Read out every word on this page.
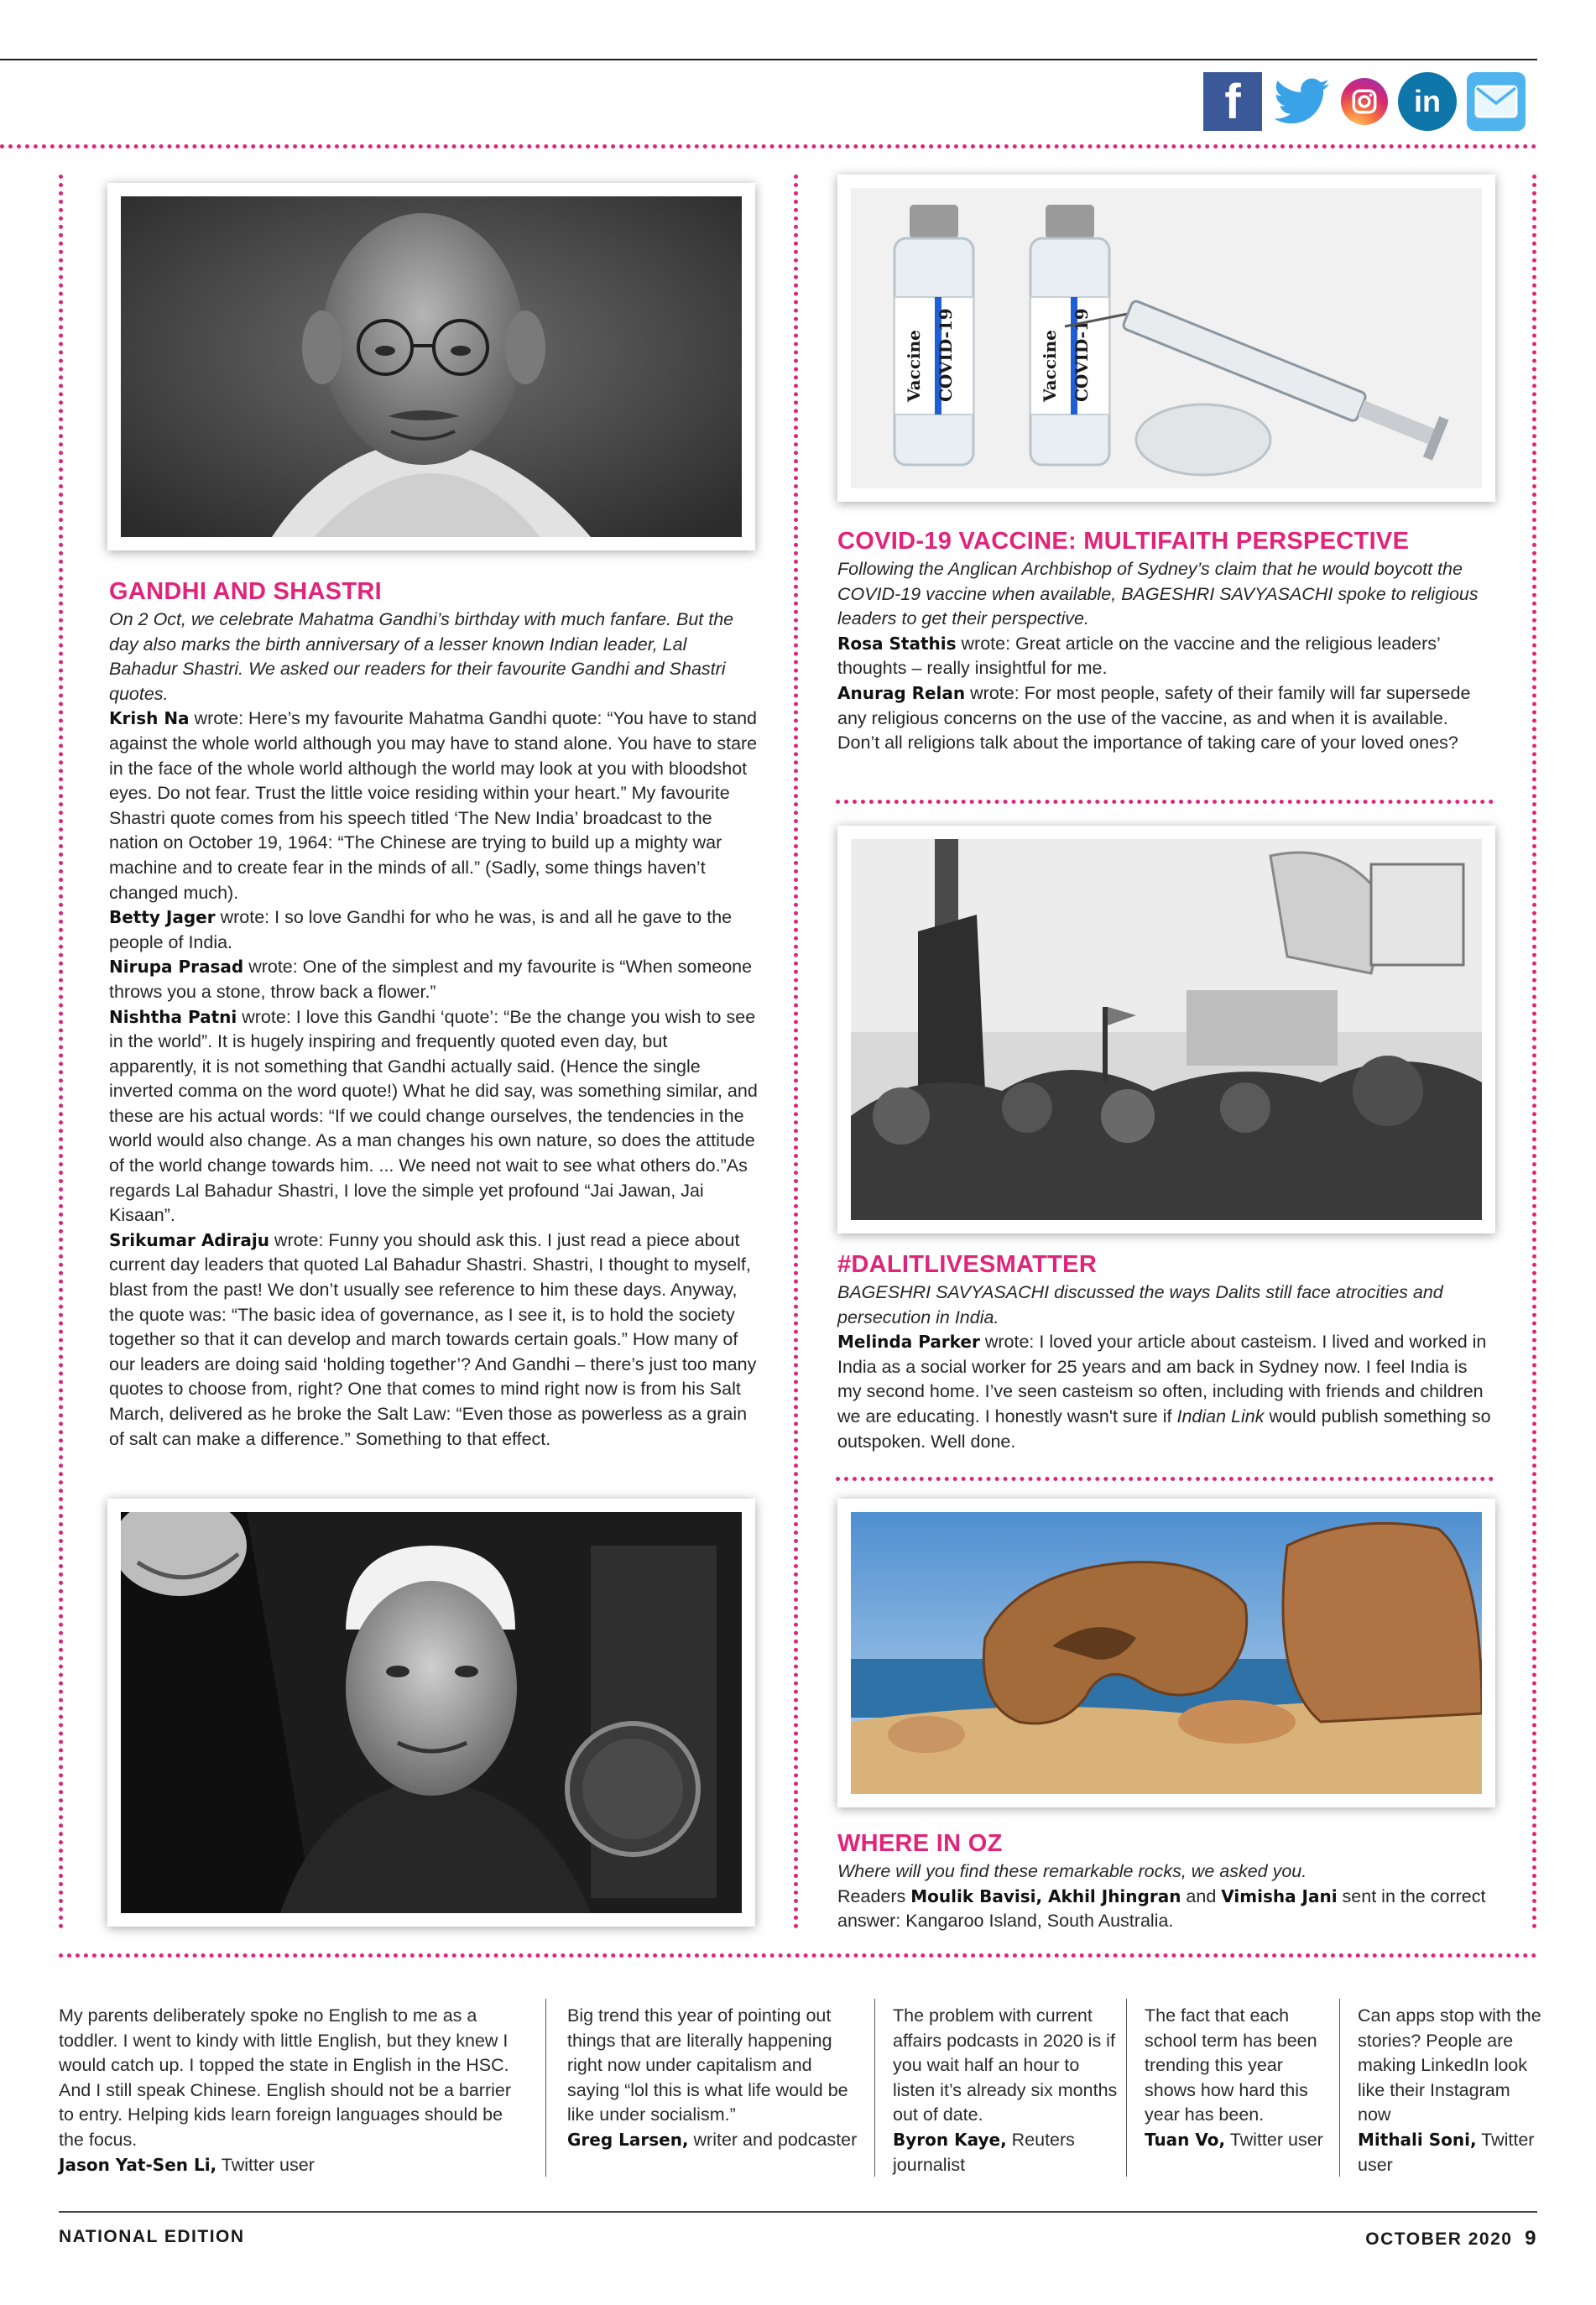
f	in
GANDHI AND SHASTRI

On 2 Oct, we celebrate Mahatma Gandhi’s birthday with much fanfare. But the day also marks the birth anniversary of a lesser known Indian leader, Lal Bahadur Shastri. We asked our readers for their favourite Gandhi and Shastri quotes.

Krish Na wrote: Here’s my favourite Mahatma Gandhi quote: “You have to stand against the whole world although you may have to stand alone. You have to stare in the face of the whole world although the world may look at you with bloodshot eyes. Do not fear. Trust the little voice residing within your heart.” My favourite Shastri quote comes from his speech titled ‘The New India’ broadcast to the nation on October 19, 1964: “The Chinese are trying to build up a mighty war machine and to create fear in the minds of all.” (Sadly, some things haven’t changed much).

Betty Jager wrote: I so love Gandhi for who he was, is and all he gave to the people of India.

Nirupa Prasad wrote: One of the simplest and my favourite is “When someone throws you a stone, throw back a flower.”

Nishtha Patni wrote: I love this Gandhi ‘quote’: “Be the change you wish to see in the world”. It is hugely inspiring and frequently quoted even day, but apparently, it is not something that Gandhi actually said. (Hence the single inverted comma on the word quote!) What he did say, was something similar, and these are his actual words: “If we could change ourselves, the tendencies in the world would also change. As a man changes his own nature, so does the attitude of the world change towards him. ... We need not wait to see what others do.”As regards Lal Bahadur Shastri, I love the simple yet profound “Jai Jawan, Jai Kisaan”.

Srikumar Adiraju wrote: Funny you should ask this. I just read a piece about current day leaders that quoted Lal Bahadur Shastri. Shastri, I thought to myself, blast from the past! We don’t usually see reference to him these days. Anyway, the quote was: “The basic idea of governance, as I see it, is to hold the society together so that it can develop and march towards certain goals.” How many of our leaders are doing said ‘holding together’? And Gandhi – there’s just too many quotes to choose from, right? One that comes to mind right now is from his Salt March, delivered as he broke the Salt Law: “Even those as powerless as a grain of salt can make a difference.” Something to that effect.

Vaccine COVID-19	Vaccine COVID-19
COVID-19 VACCINE: MULTIFAITH PERSPECTIVE

Following the Anglican Archbishop of Sydney’s claim that he would boycott the COVID-19 vaccine when available, BAGESHRI SAVYASACHI spoke to religious leaders to get their perspective.

Rosa Stathis wrote: Great article on the vaccine and the religious leaders’ thoughts – really insightful for me.

Anurag Relan wrote: For most people, safety of their family will far supersede any religious concerns on the use of the vaccine, as and when it is available. Don’t all religions talk about the importance of taking care of your loved ones?

#DALITLIVESMATTER

BAGESHRI SAVYASACHI discussed the ways Dalits still face atrocities and persecution in India.

Melinda Parker wrote: I loved your article about casteism. I lived and worked in India as a social worker for 25 years and am back in Sydney now. I feel India is my second home. I’ve seen casteism so often, including with friends and children we are educating. I honestly wasn't sure if Indian Link would publish something so outspoken. Well done.

WHERE IN OZ

Where will you find these remarkable rocks, we asked you.

Readers Moulik Bavisi, Akhil Jhingran and Vimisha Jani sent in the correct answer: Kangaroo Island, South Australia.

My parents deliberately spoke no English to me as a toddler. I went to kindy with little English, but they knew I would catch up. I topped the state in English in the HSC. And I still speak Chinese. English should not be a barrier to entry. Helping kids learn foreign languages should be the focus.
Jason Yat-Sen Li, Twitter user
Big trend this year of pointing out things that are literally happening right now under capitalism and saying “lol this is what life would be like under socialism.”
Greg Larsen, writer and podcaster
The problem with current affairs podcasts in 2020 is if you wait half an hour to listen it’s already six months out of date.
Byron Kaye, Reuters journalist
The fact that each school term has been trending this year shows how hard this year has been.
Tuan Vo, Twitter user
Can apps stop with the stories? People are making LinkedIn look like their Instagram now
Mithali Soni, Twitter user
NATIONAL EDITION	OCTOBER 2020 9
